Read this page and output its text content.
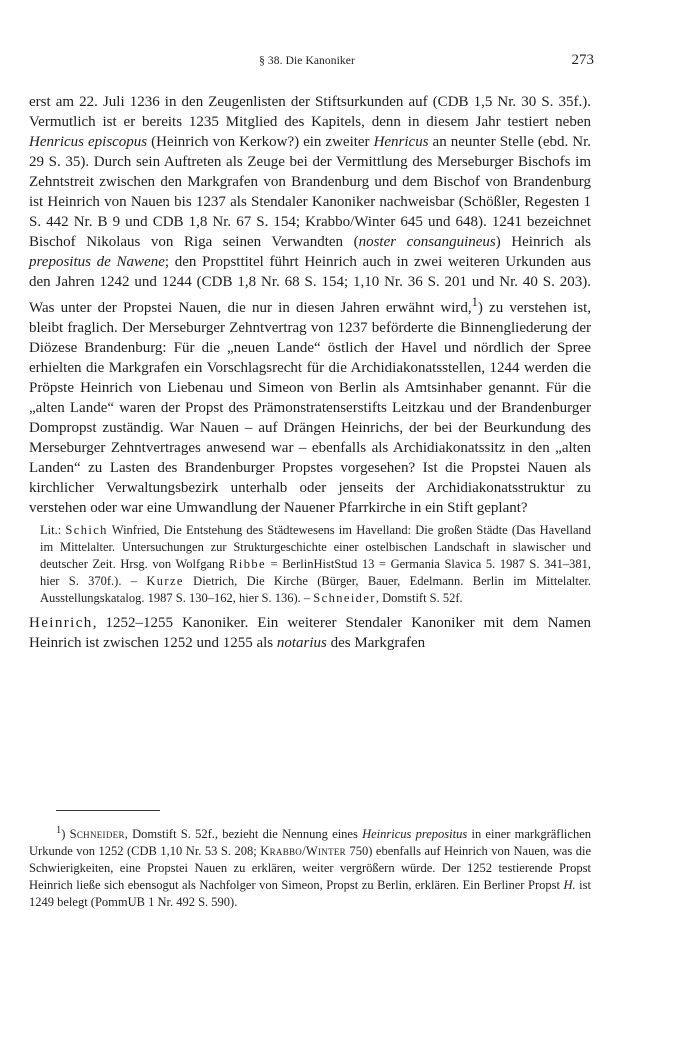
§ 38. Die Kanoniker	273

erst am 22. Juli 1236 in den Zeugenlisten der Stiftsurkunden auf (CDB 1,5 Nr. 30 S. 35f.). Vermutlich ist er bereits 1235 Mitglied des Kapitels, denn in diesem Jahr testiert neben Henricus episcopus (Heinrich von Kerkow?) ein zweiter Henricus an neunter Stelle (ebd. Nr. 29 S. 35). Durch sein Auftreten als Zeuge bei der Vermittlung des Merseburger Bischofs im Zehntstreit zwischen den Markgrafen von Brandenburg und dem Bischof von Brandenburg ist Heinrich von Nauen bis 1237 als Stendaler Kanoniker nachweisbar (Schößler, Regesten 1 S. 442 Nr. B 9 und CDB 1,8 Nr. 67 S. 154; Krabbo/Winter 645 und 648). 1241 bezeichnet Bischof Nikolaus von Riga seinen Verwandten (noster consanguineus) Heinrich als prepositus de Nawene; den Propsttitel führt Heinrich auch in zwei weiteren Urkunden aus den Jahren 1242 und 1244 (CDB 1,8 Nr. 68 S. 154; 1,10 Nr. 36 S. 201 und Nr. 40 S. 203). Was unter der Propstei Nauen, die nur in diesen Jahren erwähnt wird,$^1$) zu verstehen ist, bleibt fraglich. Der Merseburger Zehntvertrag von 1237 beförderte die Binnengliederung der Diözese Brandenburg: Für die „neuen Lande“ östlich der Havel und nördlich der Spree erhielten die Markgrafen ein Vorschlagsrecht für die Archidiakonatsstellen, 1244 werden die Pröpste Heinrich von Liebenau und Simeon von Berlin als Amtsinhaber genannt. Für die „alten Lande“ waren der Propst des Prämonstratenserstifts Leitzkau und der Brandenburger Dompropst zuständig. War Nauen – auf Drängen Heinrichs, der bei der Beurkundung des Merseburger Zehntvertrages anwesend war – ebenfalls als Archidiakonatssitz in den „alten Landen“ zu Lasten des Brandenburger Propstes vorgesehen? Ist die Propstei Nauen als kirchlicher Verwaltungsbezirk unterhalb oder jenseits der Archidiakonatsstruktur zu verstehen oder war eine Umwandlung der Nauener Pfarrkirche in ein Stift geplant?

Lit.: Schich Winfried, Die Entstehung des Städtewesens im Havelland: Die großen Städte (Das Havelland im Mittelalter. Untersuchungen zur Strukturgeschichte einer ostelbischen Landschaft in slawischer und deutscher Zeit. Hrsg. von Wolfgang Ribbe = BerlinHistStud 13 = Germania Slavica 5. 1987 S. 341–381, hier S. 370f.). – Kurze Dietrich, Die Kirche (Bürger, Bauer, Edelmann. Berlin im Mittelalter. Ausstellungskatalog. 1987 S. 130–162, hier S. 136). – Schneider, Domstift S. 52f.

Heinrich, 1252–1255 Kanoniker. Ein weiterer Stendaler Kanoniker mit dem Namen Heinrich ist zwischen 1252 und 1255 als notarius des Markgrafen

$^1$) Schneider, Domstift S. 52f., bezieht die Nennung eines Heinricus prepositus in einer markgräflichen Urkunde von 1252 (CDB 1,10 Nr. 53 S. 208; Krabbo/Winter 750) ebenfalls auf Heinrich von Nauen, was die Schwierigkeiten, eine Propstei Nauen zu erklären, weiter vergrößern würde. Der 1252 testierende Propst Heinrich ließe sich ebensogut als Nachfolger von Simeon, Propst zu Berlin, erklären. Ein Berliner Propst H. ist 1249 belegt (PommUB 1 Nr. 492 S. 590).
